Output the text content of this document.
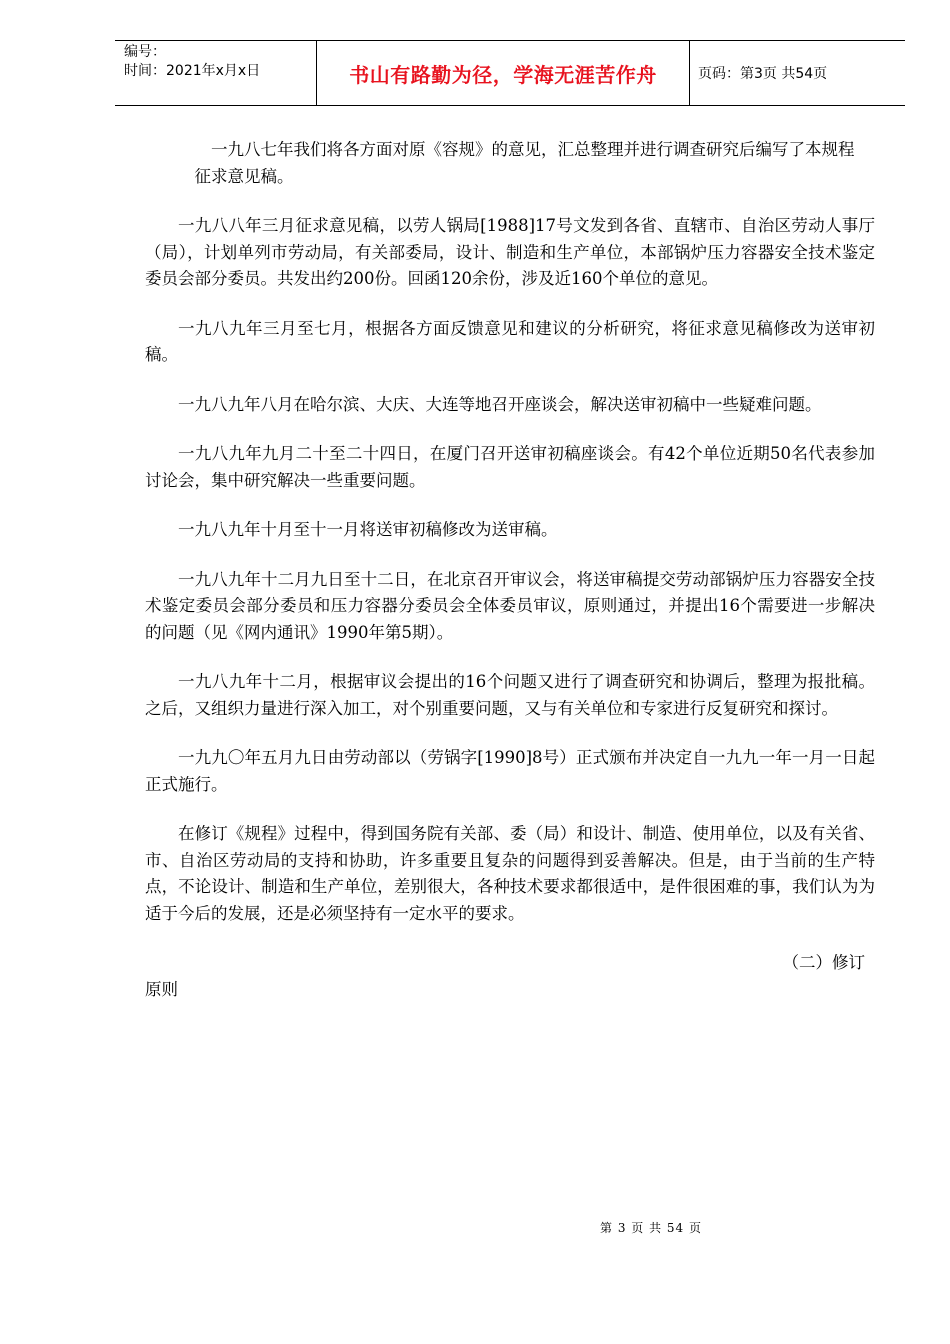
编号：
时间：2021年x月x日	书山有路勤为径，学海无涯苦作舟	页码：第3页 共54页

一九八七年我们将各方面对原《容规》的意见，汇总整理并进行调查研究后编写了本规程

征求意见稿。

一九八八年三月征求意见稿，以劳人锅局[1988]17号文发到各省、直辖市、自治区劳动人事厅（局），计划单列市劳动局，有关部委局，设计、制造和生产单位，本部锅炉压力容器安全技术鉴定委员会部分委员。共发出约200份。回函120余份，涉及近160个单位的意见。

一九八九年三月至七月，根据各方面反馈意见和建议的分析研究，将征求意见稿修改为送审初稿。

一九八九年八月在哈尔滨、大庆、大连等地召开座谈会，解决送审初稿中一些疑难问题。

一九八九年九月二十至二十四日，在厦门召开送审初稿座谈会。有42个单位近期50名代表参加讨论会，集中研究解决一些重要问题。

一九八九年十月至十一月将送审初稿修改为送审稿。

一九八九年十二月九日至十二日，在北京召开审议会，将送审稿提交劳动部锅炉压力容器安全技术鉴定委员会部分委员和压力容器分委员会全体委员审议，原则通过，并提出16个需要进一步解决的问题（见《网内通讯》1990年第5期）。

一九八九年十二月，根据审议会提出的16个问题又进行了调查研究和协调后，整理为报批稿。之后，又组织力量进行深入加工，对个别重要问题，又与有关单位和专家进行反复研究和探讨。

一九九〇年五月九日由劳动部以（劳锅字[1990]8号）正式颁布并决定自一九九一年一月一日起正式施行。

在修订《规程》过程中，得到国务院有关部、委（局）和设计、制造、使用单位，以及有关省、市、自治区劳动局的支持和协助，许多重要且复杂的问题得到妥善解决。但是，由于当前的生产特点，不论设计、制造和生产单位，差别很大，各种技术要求都很适中，是件很困难的事，我们认为为适于今后的发展，还是必须坚持有一定水平的要求。

（二）修订

原则

第 3 页 共 54 页
